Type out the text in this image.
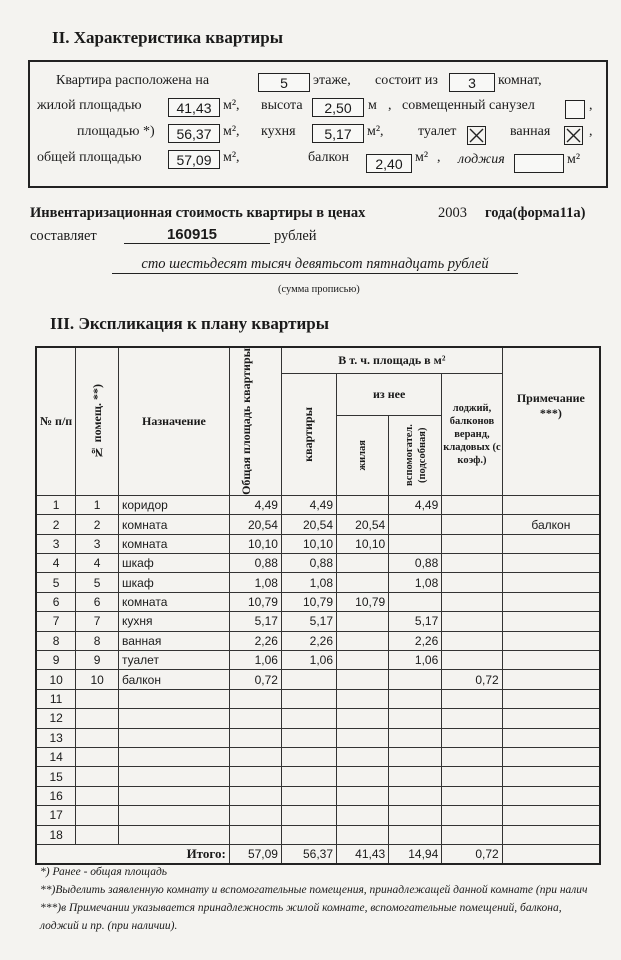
II. Характеристика квартиры
Квартира расположена на	5	этаже, состоит из	3	комнат,
жилой площадью	41,43 м², высота	2,50	м , совмещенный санузел	,
площадью *)	56,37 м², кухня	5,17	м², туалет	ванная	,
общей площадью	57,09 м²,	балкон	2,40 м² , лоджия	м²
Инвентаризационная стоимость квартиры в ценах	2003 года(форма11а)
составляет	160915	рублей
сто шестьдесят тысяч девятьсот пятнадцать рублей
(сумма прописью)
III. Экспликация к плану квартиры
№ п/п	№ помещ. **)	Назначение	Общая площадь квартиры	В т. ч. площадь в м²				Примечание ***)

				квартиры	из нее		лоджий, балконов веранд, кладовых (с коэф.)	

					жилая	вспомогател. (подсобная)		

1	1	коридор	4,49	4,49		4,49		
2	2	комната	20,54	20,54	20,54			балкон
3	3	комната	10,10	10,10	10,10			
4	4	шкаф	0,88	0,88		0,88		
5	5	шкаф	1,08	1,08		1,08		
6	6	комната	10,79	10,79	10,79			
7	7	кухня	5,17	5,17		5,17		
8	8	ванная	2,26	2,26		2,26		
9	9	туалет	1,06	1,06		1,06		
10	10	балкон	0,72				0,72	
11								
12								
13								
14								
15								
16								
17								
18								
Итого:			57,09	56,37	41,43	14,94	0,72	
*) Ранее - общая площадь
**)Выделить заявленную комнату и вспомогательные помещения, принадлежащей данной комнате (при налич
***)в Примечании указывается принадлежность жилой комнате, вспомогательные помещений, балкона,
лоджий и пр. (при наличии).
